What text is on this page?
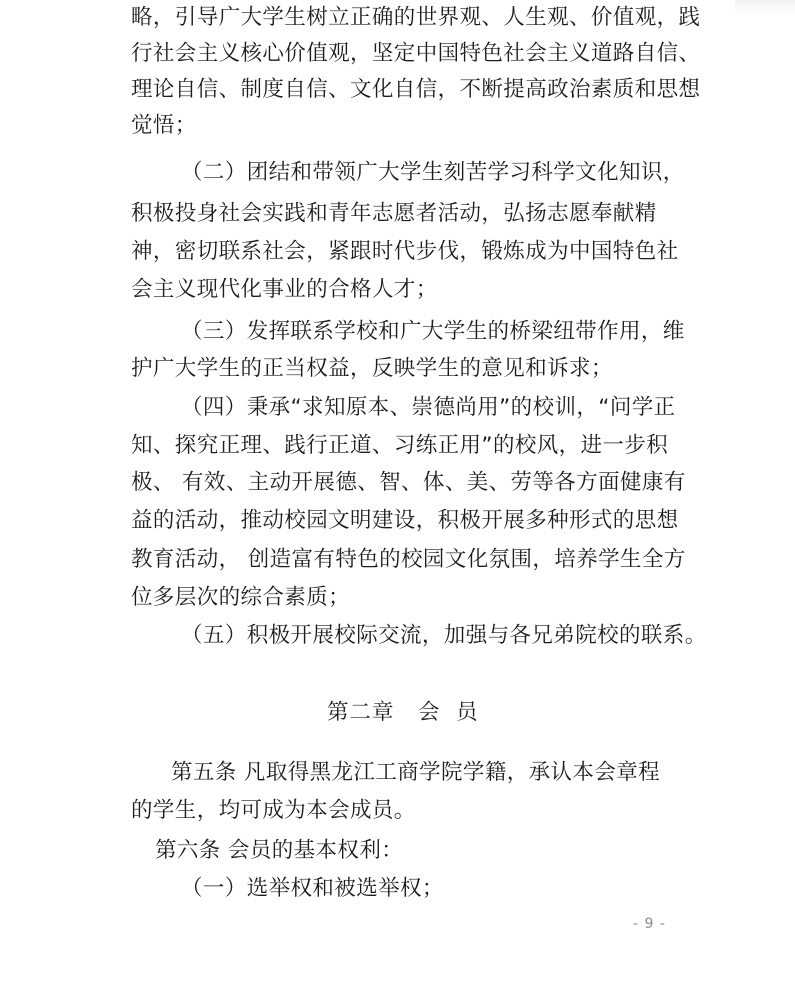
略，引导广大学生树立正确的世界观、人生观、价值观，践
行社会主义核心价值观，坚定中国特色社会主义道路自信、
理论自信、制度自信、文化自信，不断提高政治素质和思想
觉悟；
（二）团结和带领广大学生刻苦学习科学文化知识，
积极投身社会实践和青年志愿者活动，弘扬志愿奉献精
神，密切联系社会，紧跟时代步伐，锻炼成为中国特色社
会主义现代化事业的合格人才；
（三）发挥联系学校和广大学生的桥梁纽带作用，维
护广大学生的正当权益，反映学生的意见和诉求；
（四）秉承“求知原本、崇德尚用”的校训，“问学正
知、探究正理、践行正道、习练正用”的校风，进一步积
极、 有效、主动开展德、智、体、美、劳等各方面健康有
益的活动，推动校园文明建设，积极开展多种形式的思想
教育活动， 创造富有特色的校园文化氛围，培养学生全方
位多层次的综合素质；
（五）积极开展校际交流，加强与各兄弟院校的联系。
第二章   会  员
第五条 凡取得黑龙江工商学院学籍，承认本会章程
的学生，均可成为本会成员。
第六条 会员的基本权利：
（一）选举权和被选举权；
- 9 -
